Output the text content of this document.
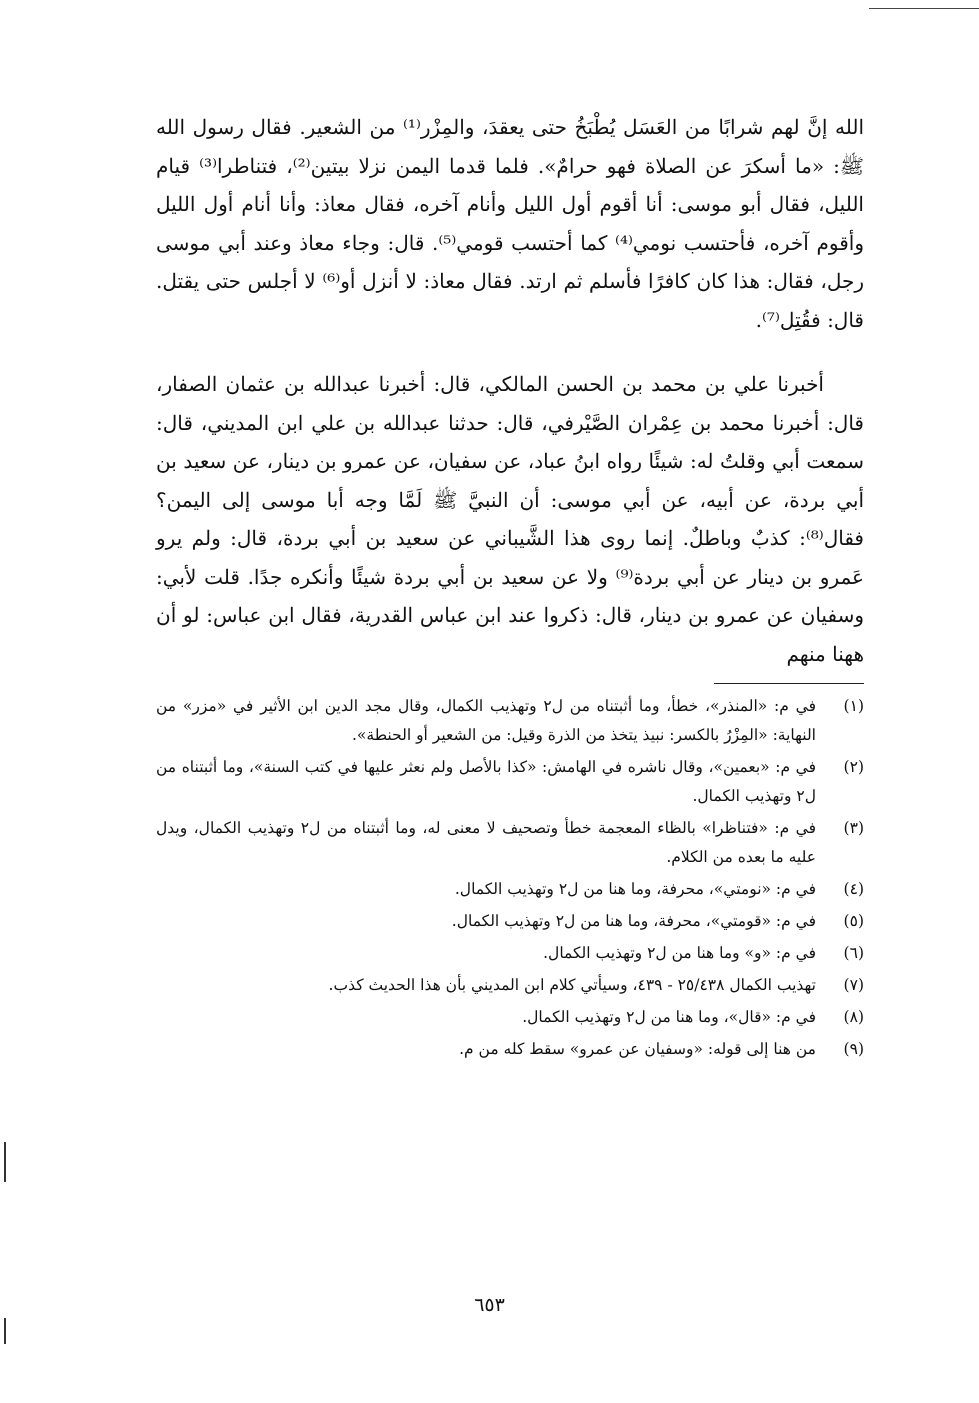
الله إنَّ لهم شرابًا من العَسَل يُطْبَخُ حتى يعقدَ، والمِزْر⁽¹⁾ من الشعير. فقال رسول الله ﷺ: «ما أسكرَ عن الصلاة فهو حرامٌ». فلما قدما اليمن نزلا بيتين⁽²⁾، فتناطرا⁽³⁾ قيام الليل، فقال أبو موسى: أنا أقوم أول الليل وأنام آخره، فقال معاذ: وأنا أنام أول الليل وأقوم آخره، فأحتسب نومي⁽⁴⁾ كما أحتسب قومي⁽⁵⁾. قال: وجاء معاذ وعند أبي موسى رجل، فقال: هذا كان كافرًا فأسلم ثم ارتد. فقال معاذ: لا أنزل أو⁽⁶⁾ لا أجلس حتى يقتل. قال: فقُتِل⁽⁷⁾.

أخبرنا علي بن محمد بن الحسن المالكي، قال: أخبرنا عبدالله بن عثمان الصفار، قال: أخبرنا محمد بن عِمْران الصَّيْرفي، قال: حدثنا عبدالله بن علي ابن المديني، قال: سمعت أبي وقلتُ له: شيئًا رواه ابنُ عباد، عن سفيان، عن عمرو بن دينار، عن سعيد بن أبي بردة، عن أبيه، عن أبي موسى: أن النبيَّ ﷺ لَمَّا وجه أبا موسى إلى اليمن؟ فقال⁽⁸⁾: كذبٌ وباطلٌ. إنما روى هذا الشَّيباني عن سعيد بن أبي بردة، قال: ولم يرو عَمرو بن دينار عن أبي بردة⁽⁹⁾ ولا عن سعيد بن أبي بردة شيئًا وأنكره جدًا. قلت لأبي: وسفيان عن عمرو بن دينار، قال: ذكروا عند ابن عباس القدرية، فقال ابن عباس: لو أن ههنا منهم

(١)
في م: «المنذر»، خطأ، وما أثبتناه من ل٢ وتهذيب الكمال، وقال مجد الدين ابن الأثير في «مزر» من النهاية: «المِزْرُ بالكسر: نبيذ يتخذ من الذرة وقيل: من الشعير أو الحنطة».
(٢)
في م: «بعمين»، وقال ناشره في الهامش: «كذا بالأصل ولم نعثر عليها في كتب السنة»، وما أثبتناه من ل٢ وتهذيب الكمال.
(٣)
في م: «فتناظرا» بالظاء المعجمة خطأ وتصحيف لا معنى له، وما أثبتناه من ل٢ وتهذيب الكمال، ويدل عليه ما بعده من الكلام.
(٤)
في م: «نومتي»، محرفة، وما هنا من ل٢ وتهذيب الكمال.
(٥)
في م: «قومتي»، محرفة، وما هنا من ل٢ وتهذيب الكمال.
(٦)
في م: «و» وما هنا من ل٢ وتهذيب الكمال.
(٧)
تهذيب الكمال ٢٥/٤٣٨ - ٤٣٩، وسيأتي كلام ابن المديني بأن هذا الحديث كذب.
(٨)
في م: «قال»، وما هنا من ل٢ وتهذيب الكمال.
(٩)
من هنا إلى قوله: «وسفيان عن عمرو» سقط كله من م.
٦٥٣
